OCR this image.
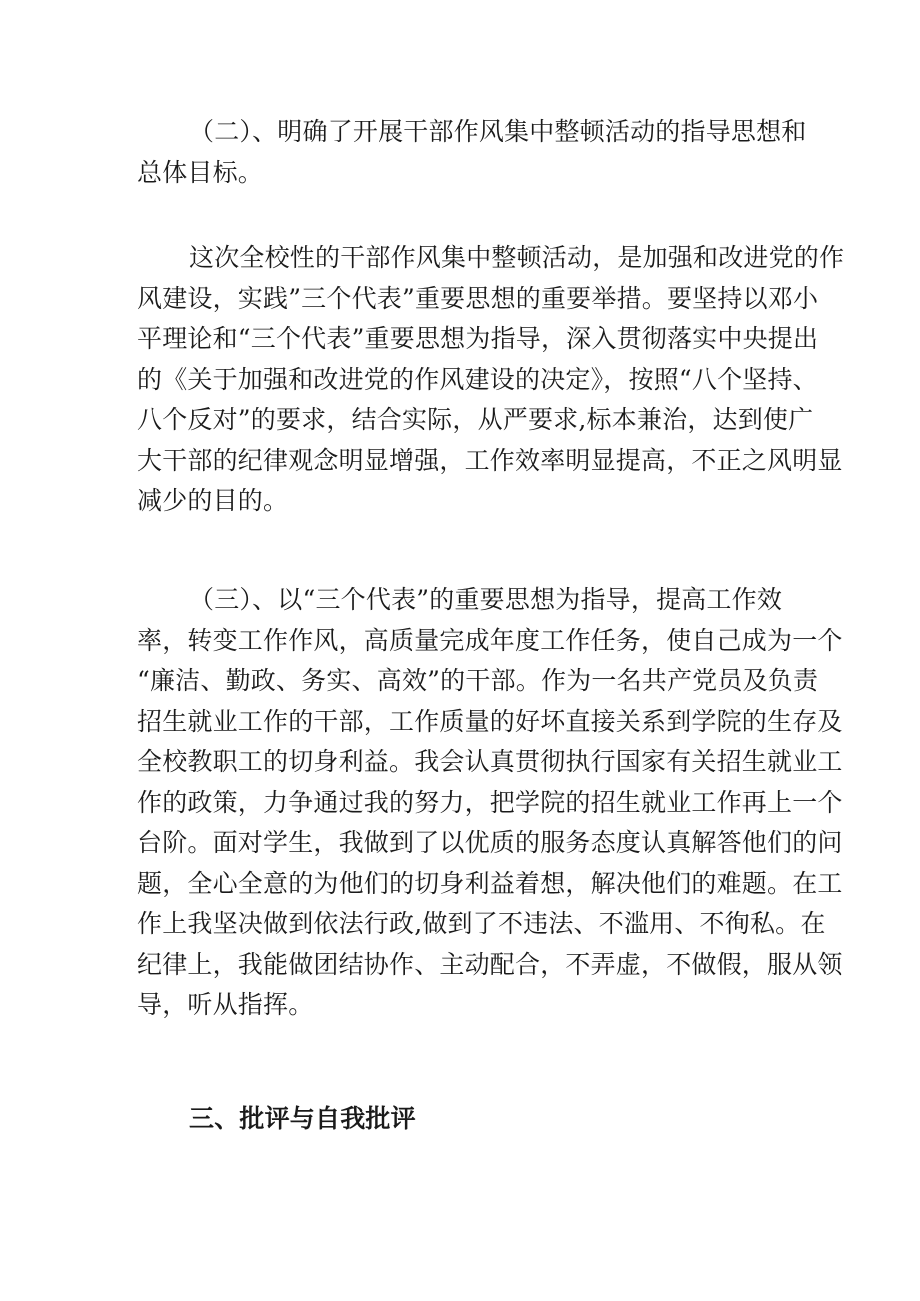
（二）、明确了开展干部作风集中整顿活动的指导思想和
总体目标。

这次全校性的干部作风集中整顿活动，是加强和改进党的作
风建设，实践”三个代表”重要思想的重要举措。要坚持以邓小
平理论和“三个代表”重要思想为指导，深入贯彻落实中央提出
的《关于加强和改进党的作风建设的决定》，按照“八个坚持、
八个反对”的要求，结合实际，从严要求,标本兼治，达到使广
大干部的纪律观念明显增强，工作效率明显提高，不正之风明显
减少的目的。

（三）、以“三个代表”的重要思想为指导，提高工作效
率，转变工作作风，高质量完成年度工作任务，使自己成为一个
“廉洁、勤政、务实、高效”的干部。作为一名共产党员及负责
招生就业工作的干部，工作质量的好坏直接关系到学院的生存及
全校教职工的切身利益。我会认真贯彻执行国家有关招生就业工
作的政策，力争通过我的努力，把学院的招生就业工作再上一个
台阶。面对学生，我做到了以优质的服务态度认真解答他们的问
题，全心全意的为他们的切身利益着想，解决他们的难题。在工
作上我坚决做到依法行政,做到了不违法、不滥用、不徇私。在
纪律上，我能做团结协作、主动配合，不弄虚，不做假，服从领
导，听从指挥。

三、批评与自我批评
